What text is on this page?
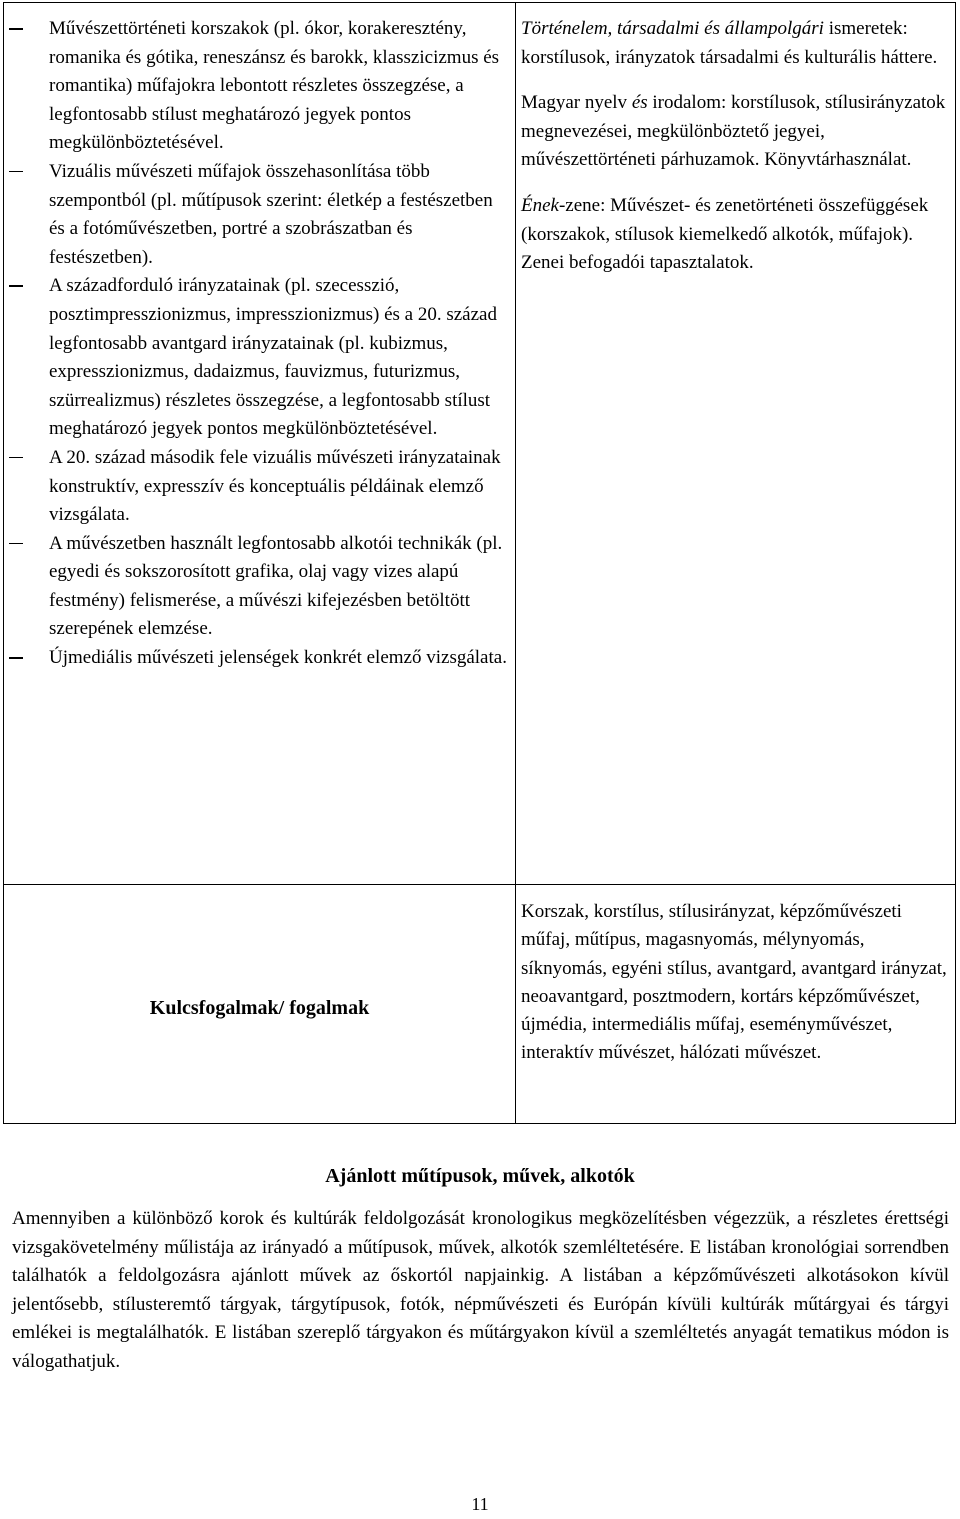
Művészettörténeti korszakok (pl. ókor, korakeresztény, romanika és gótika, reneszánsz és barokk, klasszicizmus és romantika) műfajokra lebontott részletes összegzése, a legfontosabb stílust meghatározó jegyek pontos megkülönböztetésével.
Vizuális művészeti műfajok összehasonlítása több szempontból (pl. műtípusok szerint: életkép a festészetben és a fotóművészetben, portré a szobrászatban és festészetben).
A századforduló irányzatainak (pl. szecesszió, posztimpresszionizmus, impresszionizmus) és a 20. század legfontosabb avantgard irányzatainak (pl. kubizmus, expresszionizmus, dadaizmus, fauvizmus, futurizmus, szürrealizmus) részletes összegzése, a legfontosabb stílust meghatározó jegyek pontos megkülönböztetésével.
A 20. század második fele vizuális művészeti irányzatainak konstruktív, expresszív és konceptuális példáinak elemző vizsgálata.
A művészetben használt legfontosabb alkotói technikák (pl. egyedi és sokszorosított grafika, olaj vagy vizes alapú festmény) felismerése, a művészi kifejezésben betöltött szerepének elemzése.
Újmediális művészeti jelenségek konkrét elemző vizsgálata.

Történelem, társadalmi és állampolgári ismeretek: korstílusok, irányzatok társadalmi és kulturális háttere.

Magyar nyelv és irodalom: korstílusok, stílusirányzatok megnevezései, megkülönböztető jegyei, művészettörténeti párhuzamok. Könyvtárhasználat.

Ének-zene: Művészet- és zenetörténeti összefüggések (korszakok, stílusok kiemelkedő alkotók, műfajok). Zenei befogadói tapasztalatok.

Kulcsfogalmak/ fogalmak
Korszak, korstílus, stílusirányzat, képzőművészeti műfaj, műtípus, magasnyomás, mélynyomás, síknyomás, egyéni stílus, avantgard, avantgard irányzat, neoavantgard, posztmodern, kortárs képzőművészet, újmédia, intermediális műfaj, eseményművészet, interaktív művészet, hálózati művészet.
Ajánlott műtípusok, művek, alkotók
Amennyiben a különböző korok és kultúrák feldolgozását kronologikus megközelítésben végezzük, a részletes érettségi vizsgakövetelmény műlistája az irányadó a műtípusok, művek, alkotók szemléltetésére. E listában kronológiai sorrendben találhatók a feldolgozásra ajánlott művek az őskortól napjainkig. A listában a képzőművészeti alkotásokon kívül jelentősebb, stílusteremtő tárgyak, tárgytípusok, fotók, népművészeti és Európán kívüli kultúrák műtárgyai és tárgyi emlékei is megtalálhatók. E listában szereplő tárgyakon és műtárgyakon kívül a szemléltetés anyagát tematikus módon is válogathatjuk.
11
